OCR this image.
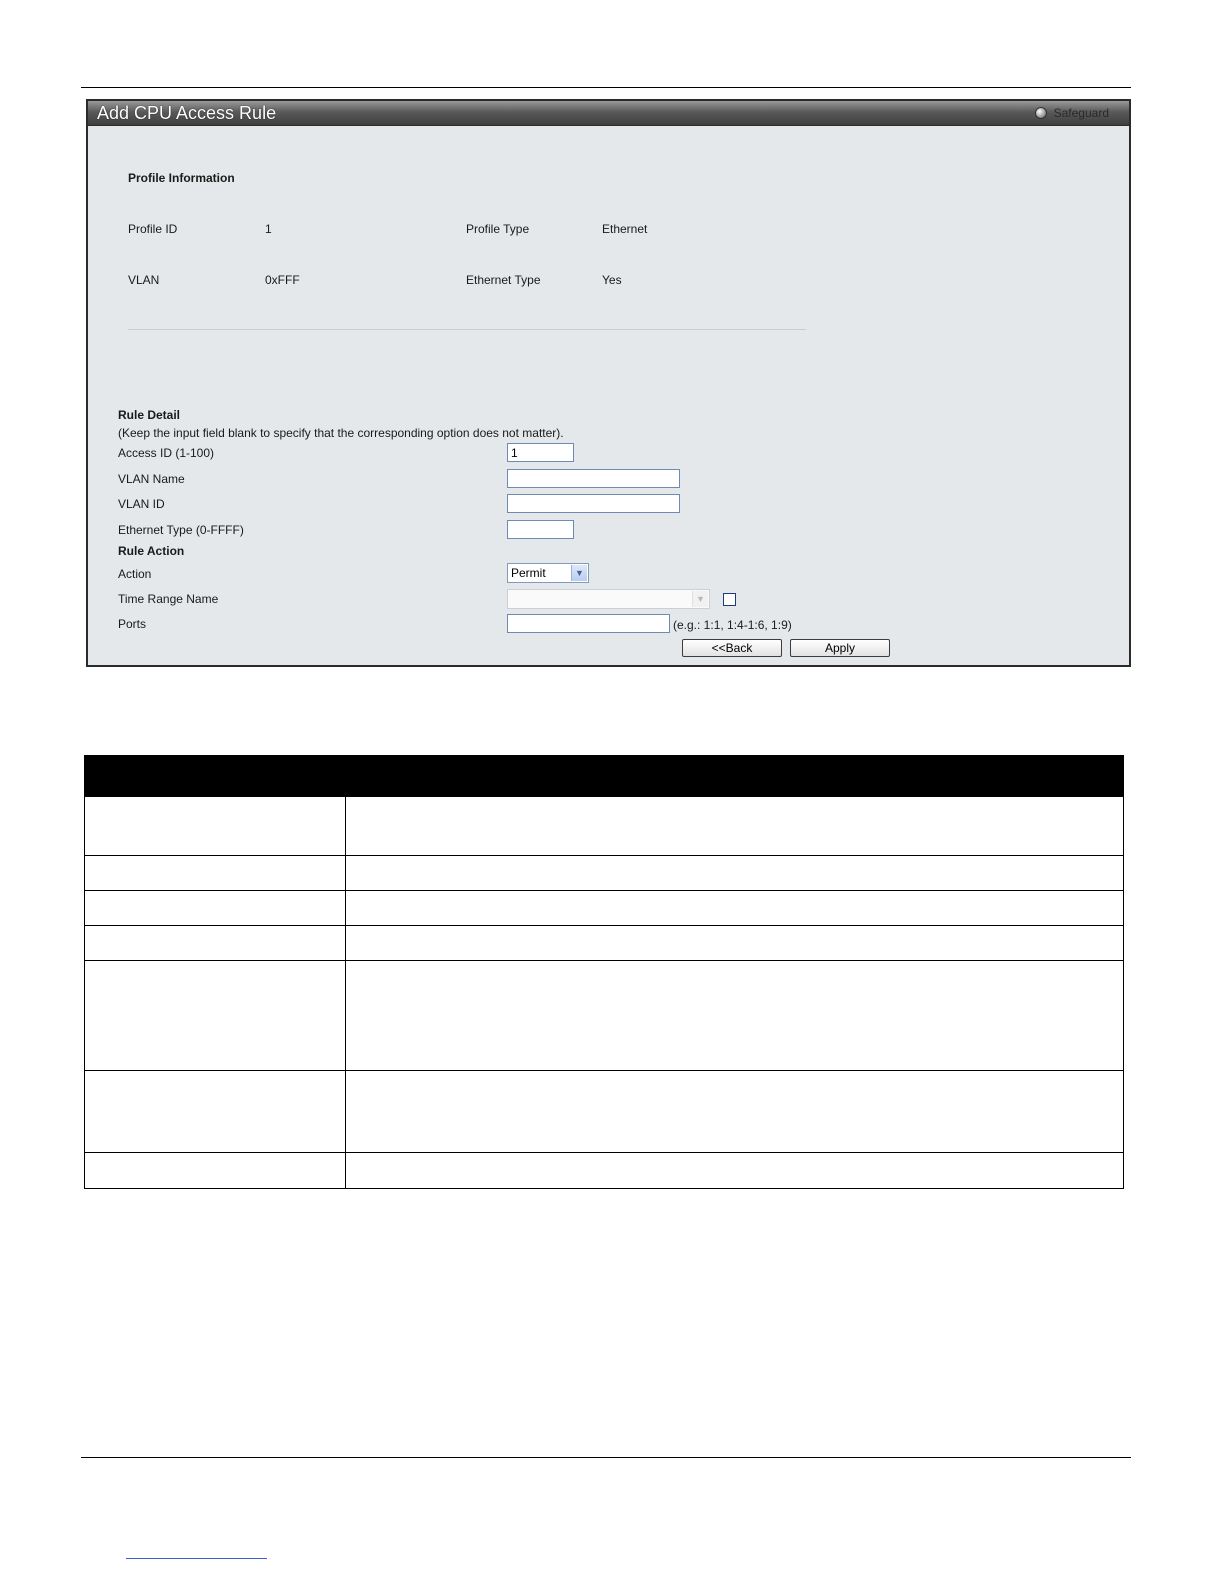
Add CPU Access Rule	Safeguard
Profile Information
Profile ID	1	Profile Type	Ethernet
VLAN	0xFFF	Ethernet Type	Yes
Rule Detail
(Keep the input field blank to specify that the corresponding option does not matter).
Access ID (1-100)
1
VLAN Name
VLAN ID
Ethernet Type (0-FFFF)
Rule Action
Action	Permit	▼
Time Range Name	▼
Ports	(e.g.: 1:1, 1:4-1:6, 1:9)
<<Back	Apply
